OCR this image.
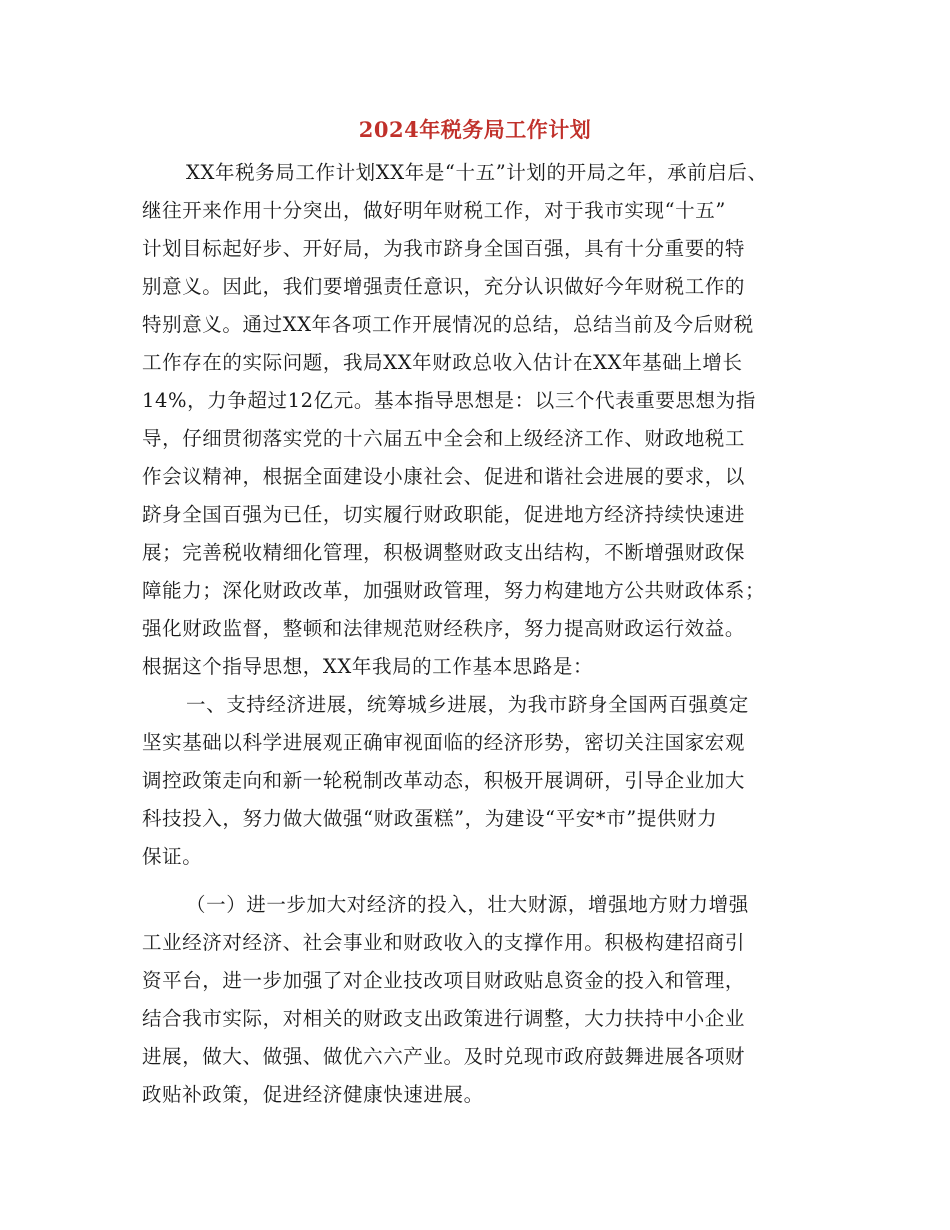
2024年税务局工作计划
XX年税务局工作计划XX年是“十五”计划的开局之年，承前启后、
继往开来作用十分突出，做好明年财税工作，对于我市实现“十五”
计划目标起好步、开好局，为我市跻身全国百强，具有十分重要的特
别意义。因此，我们要增强责任意识，充分认识做好今年财税工作的
特别意义。通过XX年各项工作开展情况的总结，总结当前及今后财税
工作存在的实际问题，我局XX年财政总收入估计在XX年基础上增长
14%，力争超过12亿元。基本指导思想是：以三个代表重要思想为指
导，仔细贯彻落实党的十六届五中全会和上级经济工作、财政地税工
作会议精神，根据全面建设小康社会、促进和谐社会进展的要求，以
跻身全国百强为已任，切实履行财政职能，促进地方经济持续快速进
展；完善税收精细化管理，积极调整财政支出结构，不断增强财政保
障能力；深化财政改革，加强财政管理，努力构建地方公共财政体系；
强化财政监督，整顿和法律规范财经秩序，努力提高财政运行效益。
根据这个指导思想，XX年我局的工作基本思路是：
一、支持经济进展，统筹城乡进展，为我市跻身全国两百强奠定
坚实基础以科学进展观正确审视面临的经济形势，密切关注国家宏观
调控政策走向和新一轮税制改革动态，积极开展调研，引导企业加大
科技投入，努力做大做强“财政蛋糕”，为建设“平安*市”提供财力
保证。
（一）进一步加大对经济的投入，壮大财源，增强地方财力增强
工业经济对经济、社会事业和财政收入的支撑作用。积极构建招商引
资平台，进一步加强了对企业技改项目财政贴息资金的投入和管理，
结合我市实际，对相关的财政支出政策进行调整，大力扶持中小企业
进展，做大、做强、做优六六产业。及时兑现市政府鼓舞进展各项财
政贴补政策，促进经济健康快速进展。
